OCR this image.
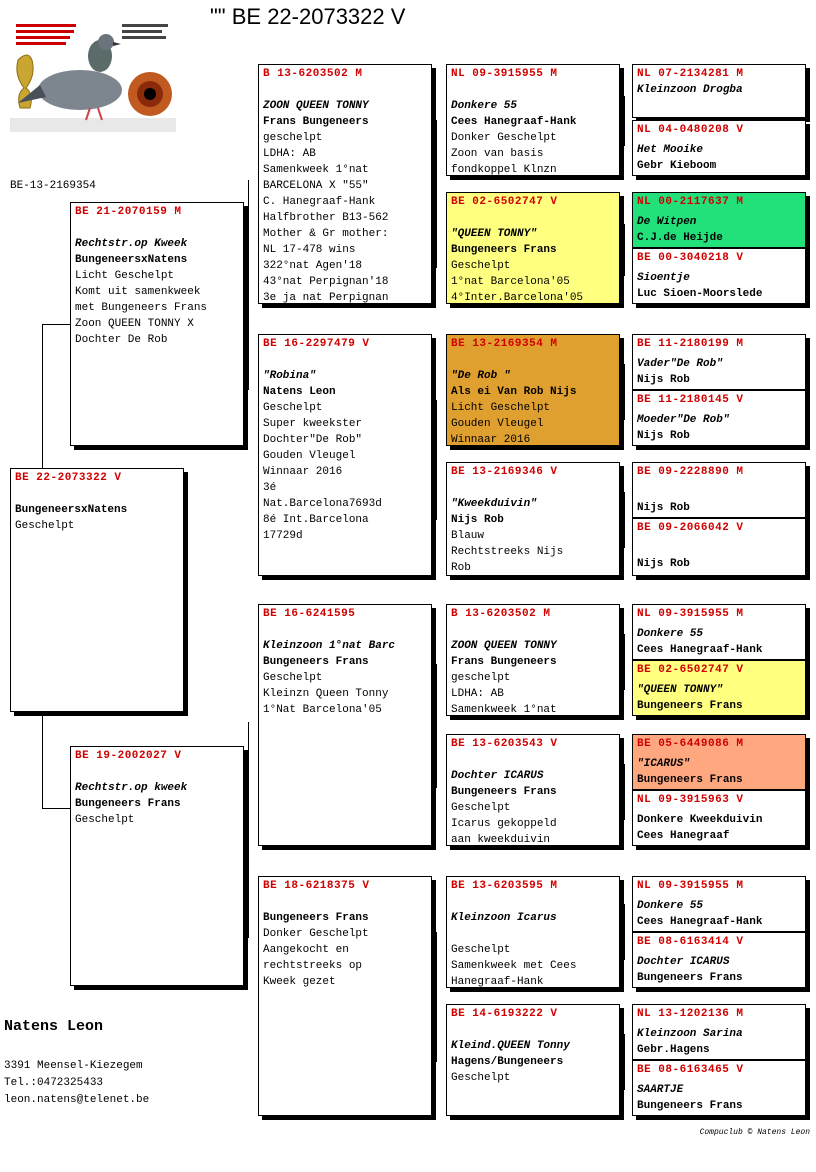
"" BE 22-2073322 V
BE-13-2169354
BE 22-2073322 V
BungeneersxNatens
Geschelpt
BE 21-2070159 M
Rechtstr.op Kweek
BungeneersxNatens
Licht Geschelpt
Komt uit samenkweek
met Bungeneers Frans
Zoon QUEEN TONNY X
Dochter De Rob
BE 19-2002027 V
Rechtstr.op kweek
Bungeneers Frans
Geschelpt
B 13-6203502 M
ZOON QUEEN TONNY
Frans Bungeneers
geschelpt
LDHA: AB
Samenkweek 1°nat
BARCELONA X "55"
C. Hanegraaf-Hank
Halfbrother B13-562
Mother & Gr mother:
NL 17-478 wins
322°nat Agen'18
43°nat Perpignan'18
3e ja nat Perpignan
BE 16-2297479 V
"Robina"
Natens Leon
Geschelpt
Super kweekster
Dochter"De Rob"
Gouden Vleugel
Winnaar 2016
3é
Nat.Barcelona7693d
8é Int.Barcelona
17729d
BE 16-6241595
Kleinzoon 1°nat Barc
Bungeneers Frans
Geschelpt
Kleinzn Queen Tonny
1°Nat Barcelona'05
BE 18-6218375 V
Bungeneers Frans
Donker Geschelpt
Aangekocht en
rechtstreeks op
Kweek gezet
NL 09-3915955 M
Donkere 55
Cees Hanegraaf-Hank
Donker Geschelpt
Zoon van basis
fondkoppel Klnzn
BE 02-6502747 V
"QUEEN TONNY"
Bungeneers Frans
Geschelpt
1°nat Barcelona'05
4°Inter.Barcelona'05
BE 13-2169354 M
"De Rob "
Als ei Van Rob Nijs
Licht Geschelpt
Gouden Vleugel
Winnaar 2016
BE 13-2169346 V
"Kweekduivin"
Nijs Rob
Blauw
Rechtstreeks Nijs
Rob
B 13-6203502 M
ZOON QUEEN TONNY
Frans Bungeneers
geschelpt
LDHA: AB
Samenkweek 1°nat
BE 13-6203543 V
Dochter ICARUS
Bungeneers Frans
Geschelpt
Icarus gekoppeld
aan kweekduivin
BE 13-6203595 M
Kleinzoon Icarus
Geschelpt
Samenkweek met Cees
Hanegraaf-Hank
BE 14-6193222 V
Kleind.QUEEN Tonny
Hagens/Bungeneers
Geschelpt
NL 07-2134281 M
Kleinzoon Drogba
NL 04-0480208 V
Het Mooike
Gebr Kieboom
NL 00-2117637 M
De Witpen
C.J.de Heijde
BE 00-3040218 V
Sioentje
Luc Sioen-Moorslede
BE 11-2180199 M
Vader"De Rob"
Nijs Rob
BE 11-2180145 V
Moeder"De Rob"
Nijs Rob
BE 09-2228890 M
Nijs Rob
BE 09-2066042 V
Nijs Rob
NL 09-3915955 M
Donkere 55
Cees Hanegraaf-Hank
BE 02-6502747 V
"QUEEN TONNY"
Bungeneers Frans
BE 05-6449086 M
"ICARUS"
Bungeneers Frans
NL 09-3915963 V
Donkere Kweekduivin
Cees Hanegraaf
NL 09-3915955 M
Donkere 55
Cees Hanegraaf-Hank
BE 08-6163414 V
Dochter ICARUS
Bungeneers Frans
NL 13-1202136 M
Kleinzoon Sarina
Gebr.Hagens
BE 08-6163465 V
SAARTJE
Bungeneers Frans
Natens Leon
3391 Meensel-Kiezegem
Tel.:0472325433
leon.natens@telenet.be
Compuclub © Natens Leon
